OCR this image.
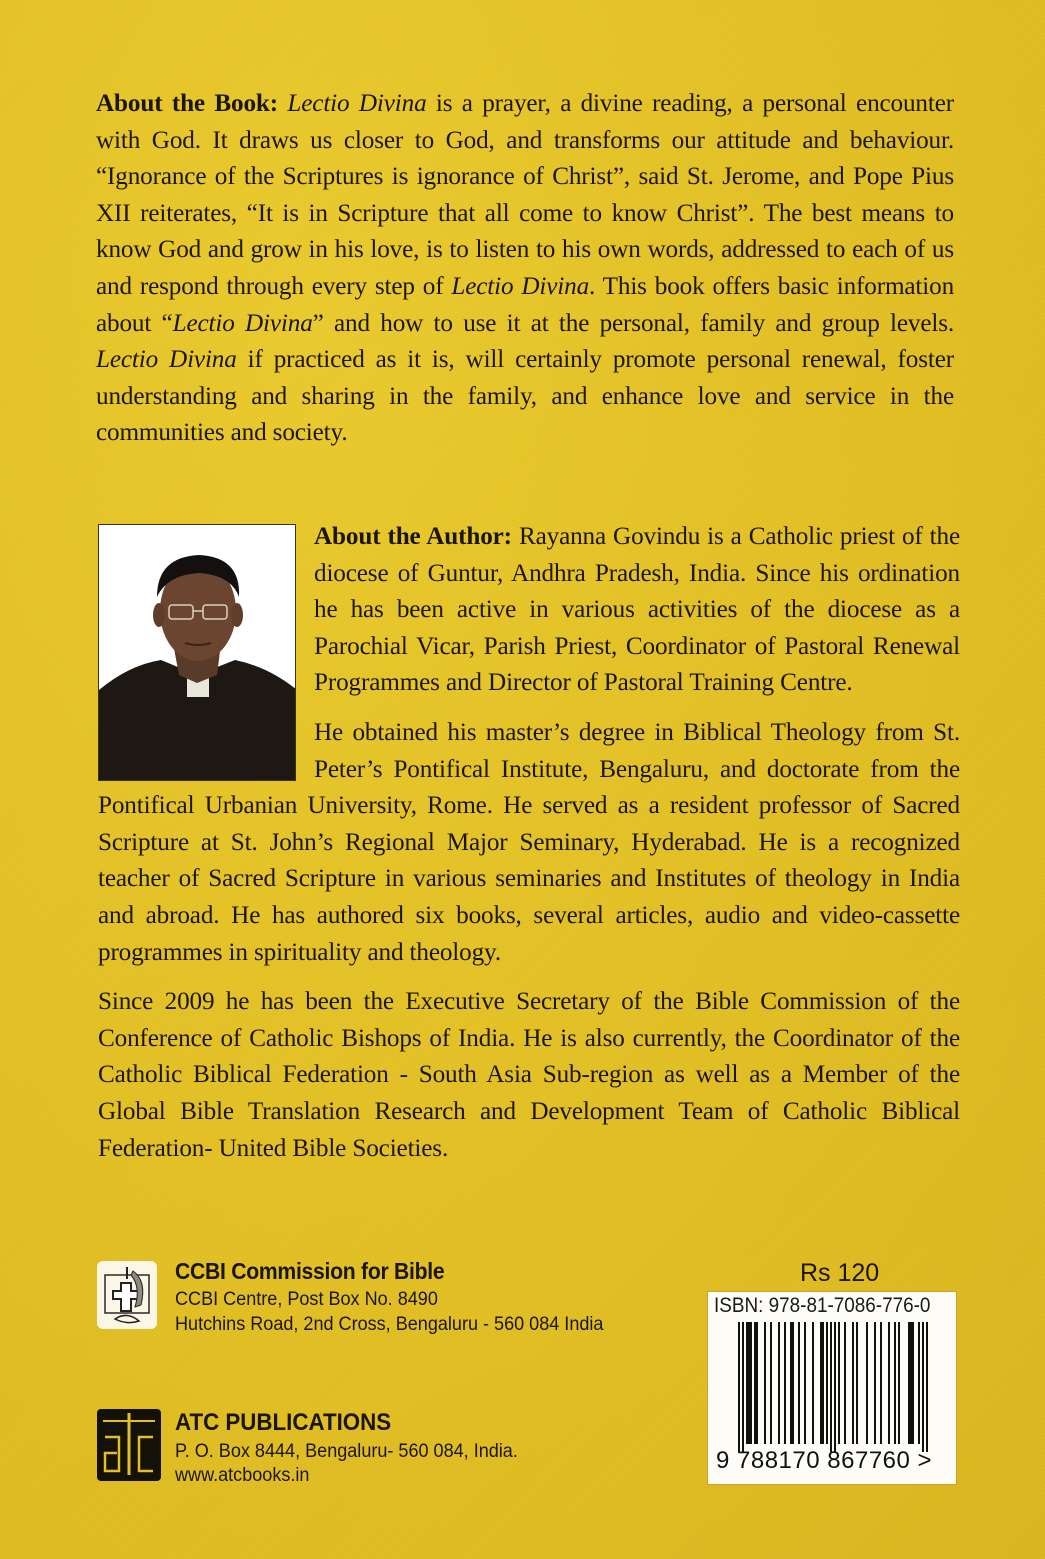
About the Book: Lectio Divina is a prayer, a divine reading, a personal encounter with God. It draws us closer to God, and transforms our attitude and behaviour. “Ignorance of the Scriptures is ignorance of Christ”, said St. Jerome, and Pope Pius XII reiterates, “It is in Scripture that all come to know Christ”. The best means to know God and grow in his love, is to listen to his own words, addressed to each of us and respond through every step of Lectio Divina. This book offers basic information about “Lectio Divina” and how to use it at the personal, family and group levels. Lectio Divina if practiced as it is, will certainly promote personal renewal, foster understanding and sharing in the family, and enhance love and service in the communities and society.

About the Author: Rayanna Govindu is a Catholic priest of the diocese of Guntur, Andhra Pradesh, India. Since his ordination he has been active in various activities of the diocese as a Parochial Vicar, Parish Priest, Coordinator of Pastoral Renewal Programmes and Director of Pastoral Training Centre.

He obtained his master’s degree in Biblical Theology from St. Peter’s Pontifical Institute, Bengaluru, and doctorate from the Pontifical Urbanian University, Rome. He served as a resident professor of Sacred Scripture at St. John’s Regional Major Seminary, Hyderabad. He is a recognized teacher of Sacred Scripture in various seminaries and Institutes of theology in India and abroad. He has authored six books, several articles, audio and video-cassette programmes in spirituality and theology.

Since 2009 he has been the Executive Secretary of the Bible Commission of the Conference of Catholic Bishops of India. He is also currently, the Coordinator of the Catholic Biblical Federation - South Asia Sub-region as well as a Member of the Global Bible Translation Research and Development Team of Catholic Biblical Federation- United Bible Societies.

CCBI Commission for Bible
CCBI Centre, Post Box No. 8490
Hutchins Road, 2nd Cross, Bengaluru - 560 084 India
ATC PUBLICATIONS
P. O. Box 8444, Bengaluru- 560 084, India.
www.atcbooks.in
Rs 120
ISBN: 978-81-7086-776-0
9 788170 867760 >
